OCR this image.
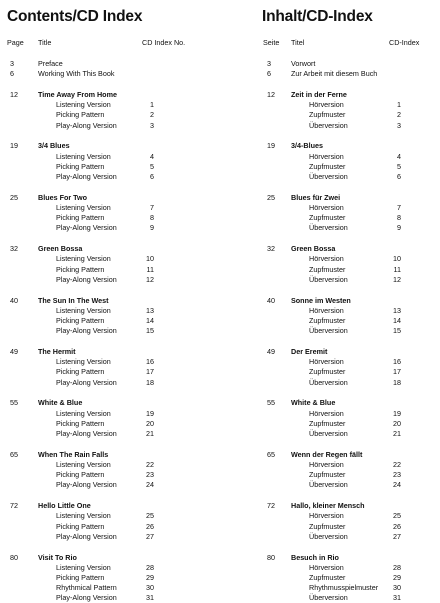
Contents/CD Index
Page Title	CD Index No.
3	Preface
6	Working With This Book
12	Time Away From Home
Listening Version	1
Picking Pattern	2
Play-Along Version	3
19	3/4 Blues
Listening Version	4
Picking Pattern	5
Play-Along Version	6
25	Blues For Two
Listening Version	7
Picking Pattern	8
Play-Along Version	9
32	Green Bossa
Listening Version	10
Picking Pattern	11
Play-Along Version	12
40	The Sun In The West
Listening Version	13
Picking Pattern	14
Play-Along Version	15
49	The Hermit
Listening Version	16
Picking Pattern	17
Play-Along Version	18
55	White & Blue
Listening Version	19
Picking Pattern	20
Play-Along Version	21
65	When The Rain Falls
Listening Version	22
Picking Pattern	23
Play-Along Version	24
72	Hello Little One
Listening Version	25
Picking Pattern	26
Play-Along Version	27
80	Visit To Rio
Listening Version	28
Picking Pattern	29
Rhythmical Pattern	30
Play-Along Version	31
Inhalt/CD-Index
Seite Titel	CD-Index
3	Vorwort
6	Zur Arbeit mit diesem Buch
12 Zeit in der Ferne
Hörversion	1
Zupfmuster	2
Überversion	3
19 3/4-Blues
Hörversion	4
Zupfmuster	5
Überversion	6
25 Blues für Zwei
Hörversion	7
Zupfmuster	8
Überversion	9
32 Green Bossa
Hörversion	10
Zupfmuster	11
Überversion	12
40 Sonne im Westen
Hörversion	13
Zupfmuster	14
Überversion	15
49 Der Eremit
Hörversion	16
Zupfmuster	17
Überversion	18
55 White & Blue
Hörversion	19
Zupfmuster	20
Überversion	21
65 Wenn der Regen fällt
Hörversion	22
Zupfmuster	23
Überversion	24
72 Hallo, kleiner Mensch
Hörversion	25
Zupfmuster	26
Überversion	27
80 Besuch in Rio
Hörversion	28
Zupfmuster	29
Rhythmusspielmuster	30
Überversion	31
